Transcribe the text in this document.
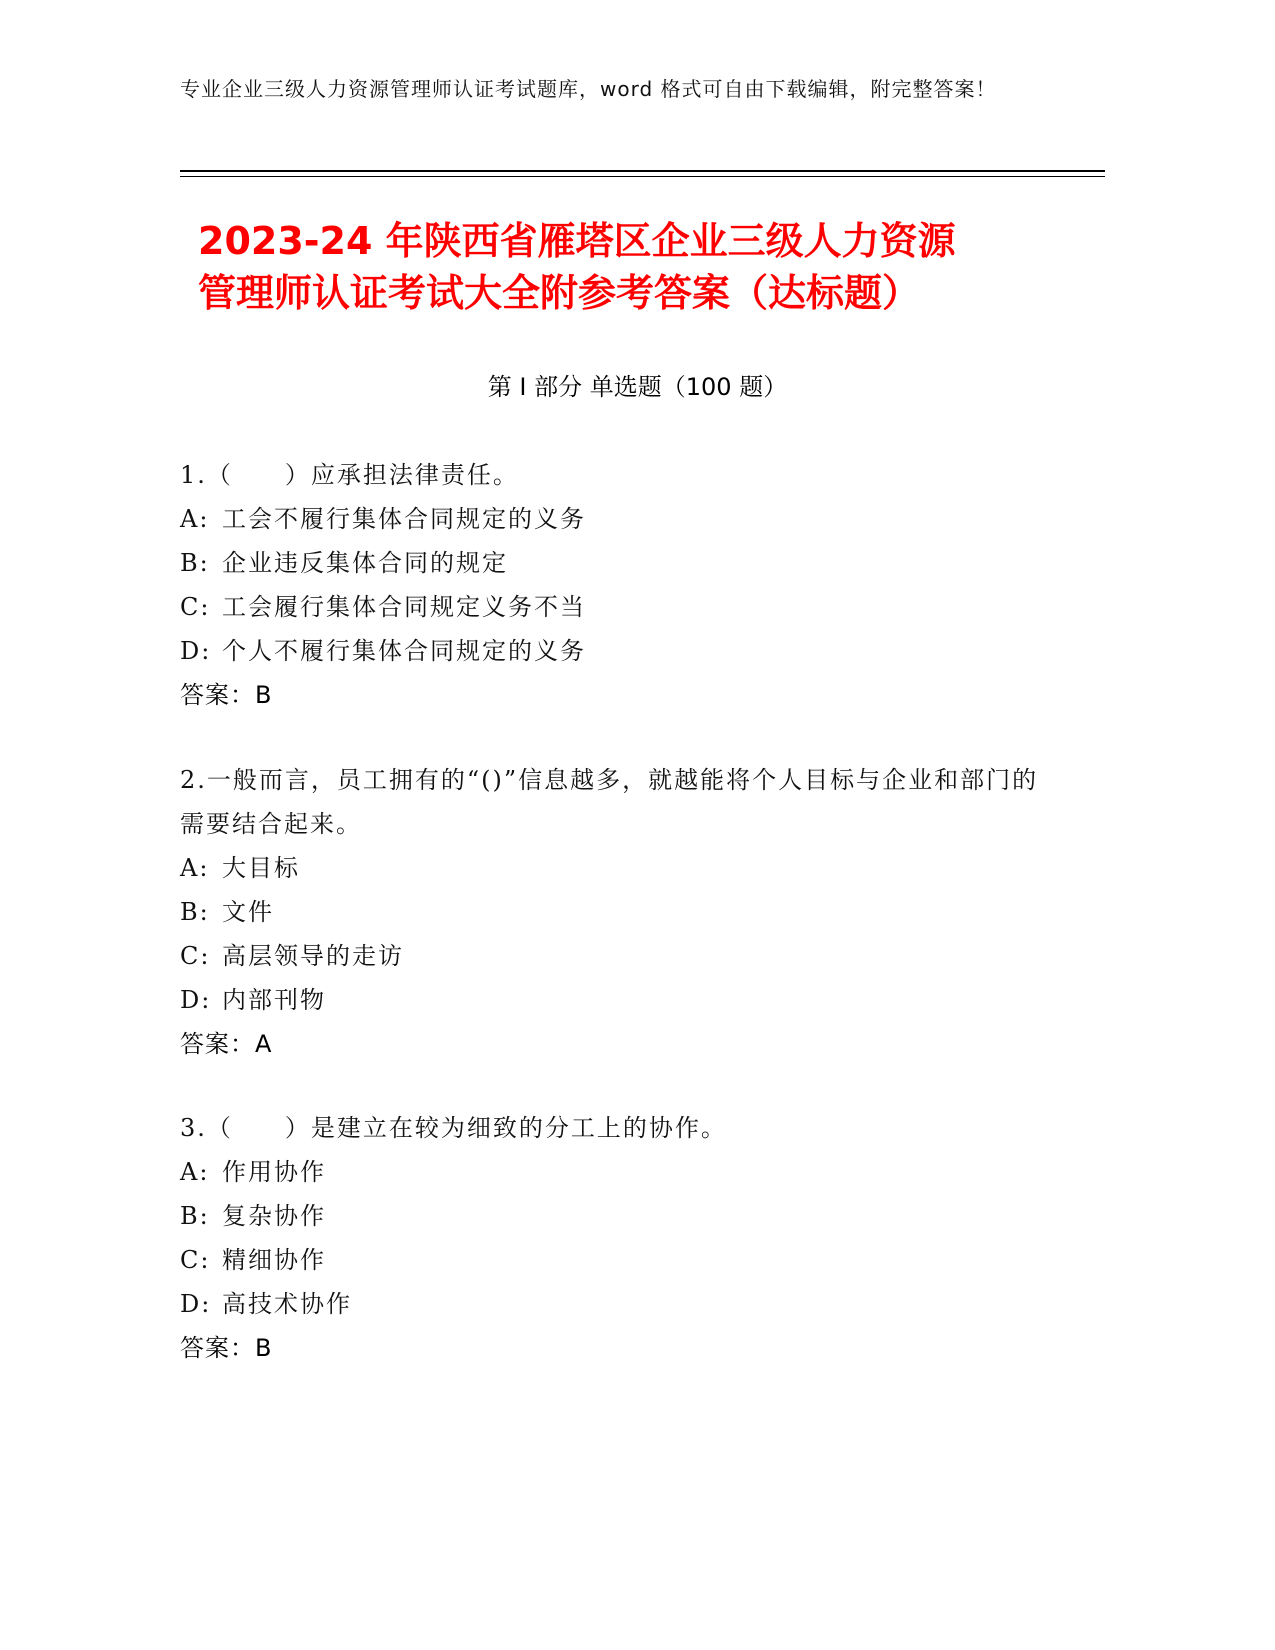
专业企业三级人力资源管理师认证考试题库，word 格式可自由下载编辑，附完整答案！
2023-24 年陕西省雁塔区企业三级人力资源
管理师认证考试大全附参考答案（达标题）
第 I 部分 单选题（100 题）
1.（　　）应承担法律责任。
A: 工会不履行集体合同规定的义务
B: 企业违反集体合同的规定
C: 工会履行集体合同规定义务不当
D: 个人不履行集体合同规定的义务
答案：B
2.一般而言，员工拥有的“()”信息越多，就越能将个人目标与企业和部门的需要结合起来。
A: 大目标
B: 文件
C: 高层领导的走访
D: 内部刊物
答案：A
3.（　　）是建立在较为细致的分工上的协作。
A: 作用协作
B: 复杂协作
C: 精细协作
D: 高技术协作
答案：B
